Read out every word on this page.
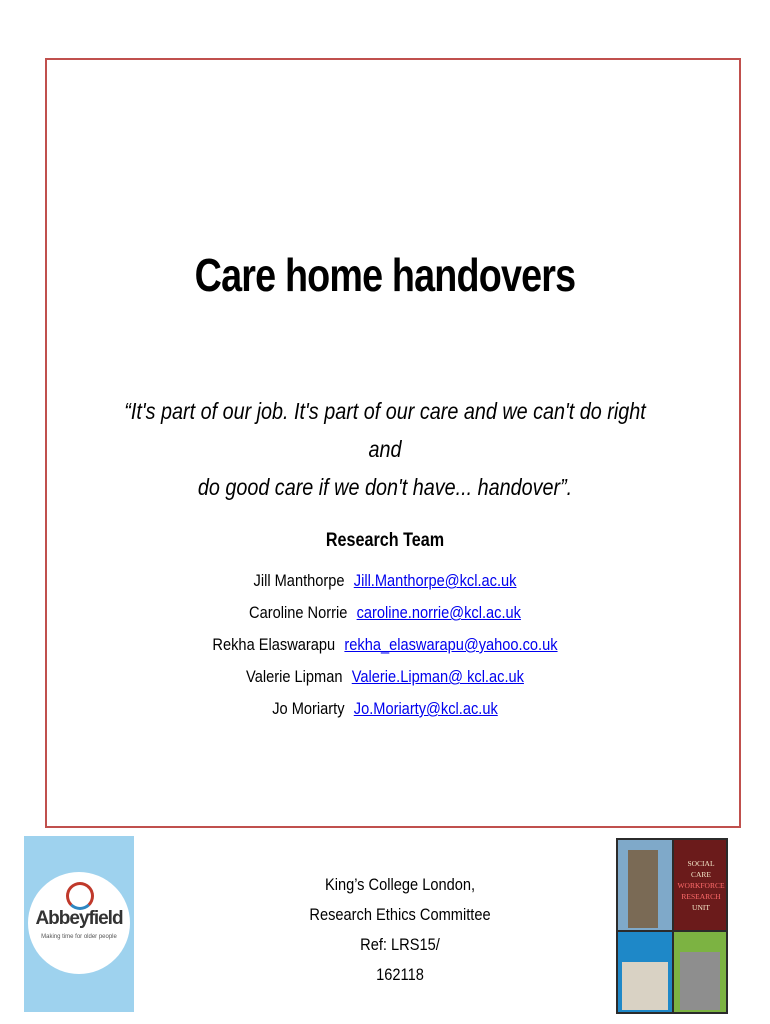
Care home handovers
“It's part of our job. It's part of our care and we can't do right and
do good care if we don't have... handover”.
Research Team
Jill Manthorpe Jill.Manthorpe@kcl.ac.uk
Caroline Norrie caroline.norrie@kcl.ac.uk
Rekha Elaswarapu rekha_elaswarapu@yahoo.co.uk
Valerie Lipman Valerie.Lipman@ kcl.ac.uk
Jo Moriarty Jo.Moriarty@kcl.ac.uk
Abbeyfield
Making time for older people
King’s College London,
Research Ethics Committee
Ref: LRS15/
162118
SOCIAL
CARE
WORKFORCE
RESEARCH
UNIT
